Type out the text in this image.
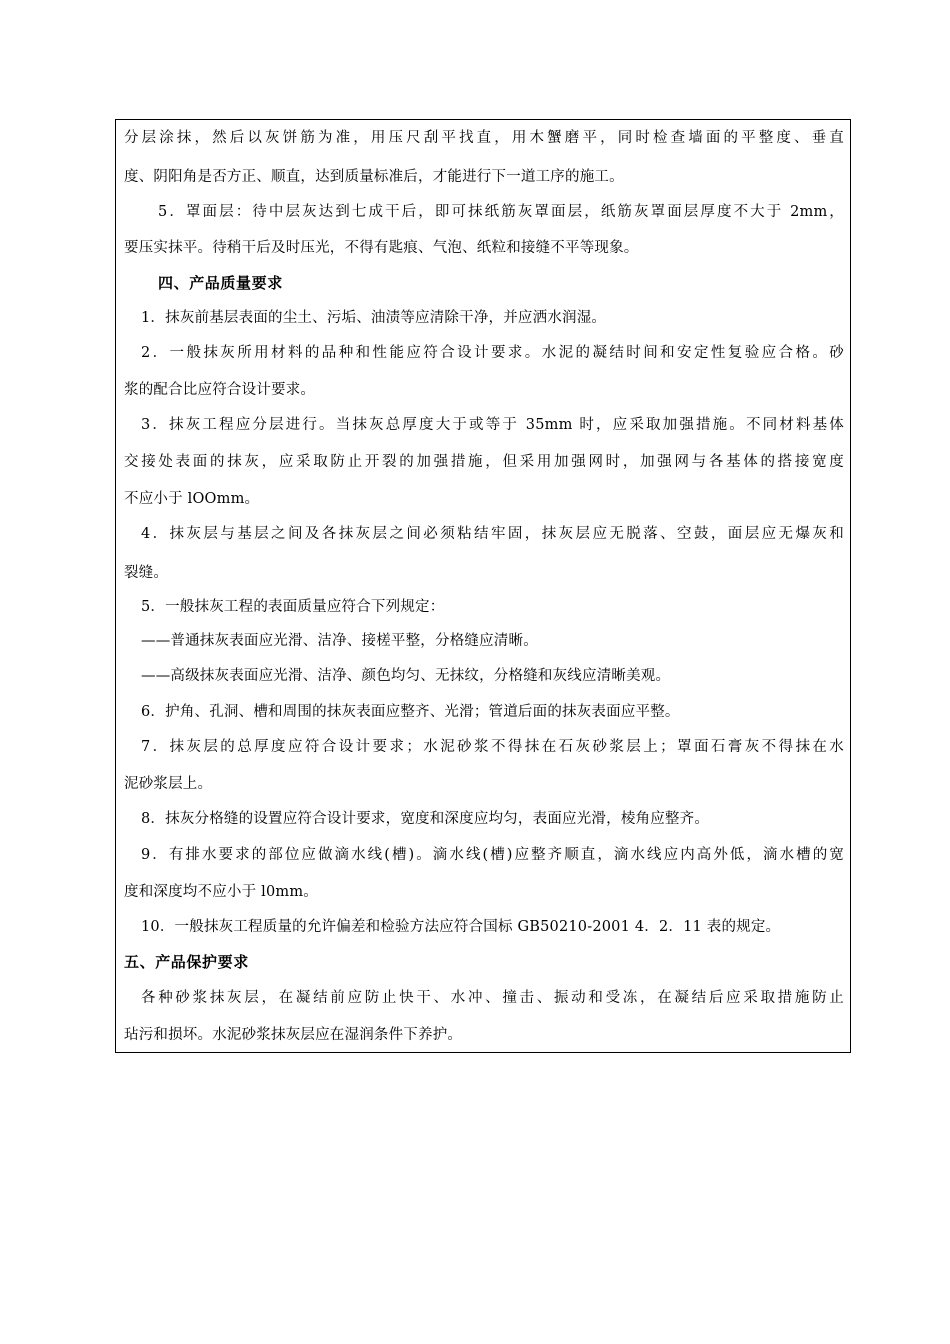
分层涂抹，然后以灰饼筋为准，用压尺刮平找直，用木蟹磨平，同时检查墙面的平整度、垂直
度、阴阳角是否方正、顺直，达到质量标准后，才能进行下一道工序的施工。
5．罩面层：待中层灰达到七成干后，即可抹纸筋灰罩面层，纸筋灰罩面层厚度不大于 2mm，
要压实抹平。待稍干后及时压光，不得有匙痕、气泡、纸粒和接缝不平等现象。
四、产品质量要求
1．抹灰前基层表面的尘土、污垢、油渍等应清除干净，并应洒水润湿。
2．一般抹灰所用材料的品种和性能应符合设计要求。水泥的凝结时间和安定性复验应合格。砂
浆的配合比应符合设计要求。
3．抹灰工程应分层进行。当抹灰总厚度大于或等于 35mm 时，应采取加强措施。不同材料基体
交接处表面的抹灰，应采取防止开裂的加强措施，但采用加强网时，加强网与各基体的搭接宽度
不应小于 lOOmm。
4．抹灰层与基层之间及各抹灰层之间必须粘结牢固，抹灰层应无脱落、空鼓，面层应无爆灰和
裂缝。
5．一般抹灰工程的表面质量应符合下列规定：
——普通抹灰表面应光滑、洁净、接槎平整，分格缝应清晰。
——高级抹灰表面应光滑、洁净、颜色均匀、无抹纹，分格缝和灰线应清晰美观。
6．护角、孔洞、槽和周围的抹灰表面应整齐、光滑；管道后面的抹灰表面应平整。
7．抹灰层的总厚度应符合设计要求；水泥砂浆不得抹在石灰砂浆层上；罩面石膏灰不得抹在水
泥砂浆层上。
8．抹灰分格缝的设置应符合设计要求，宽度和深度应均匀，表面应光滑，棱角应整齐。
9．有排水要求的部位应做滴水线(槽)。滴水线(槽)应整齐顺直，滴水线应内高外低，滴水槽的宽
度和深度均不应小于 l0mm。
10．一般抹灰工程质量的允许偏差和检验方法应符合国标 GB50210-2001 4．2．11 表的规定。
五、产品保护要求
各种砂浆抹灰层，在凝结前应防止快干、水冲、撞击、振动和受冻，在凝结后应采取措施防止
玷污和损坏。水泥砂浆抹灰层应在湿润条件下养护。
